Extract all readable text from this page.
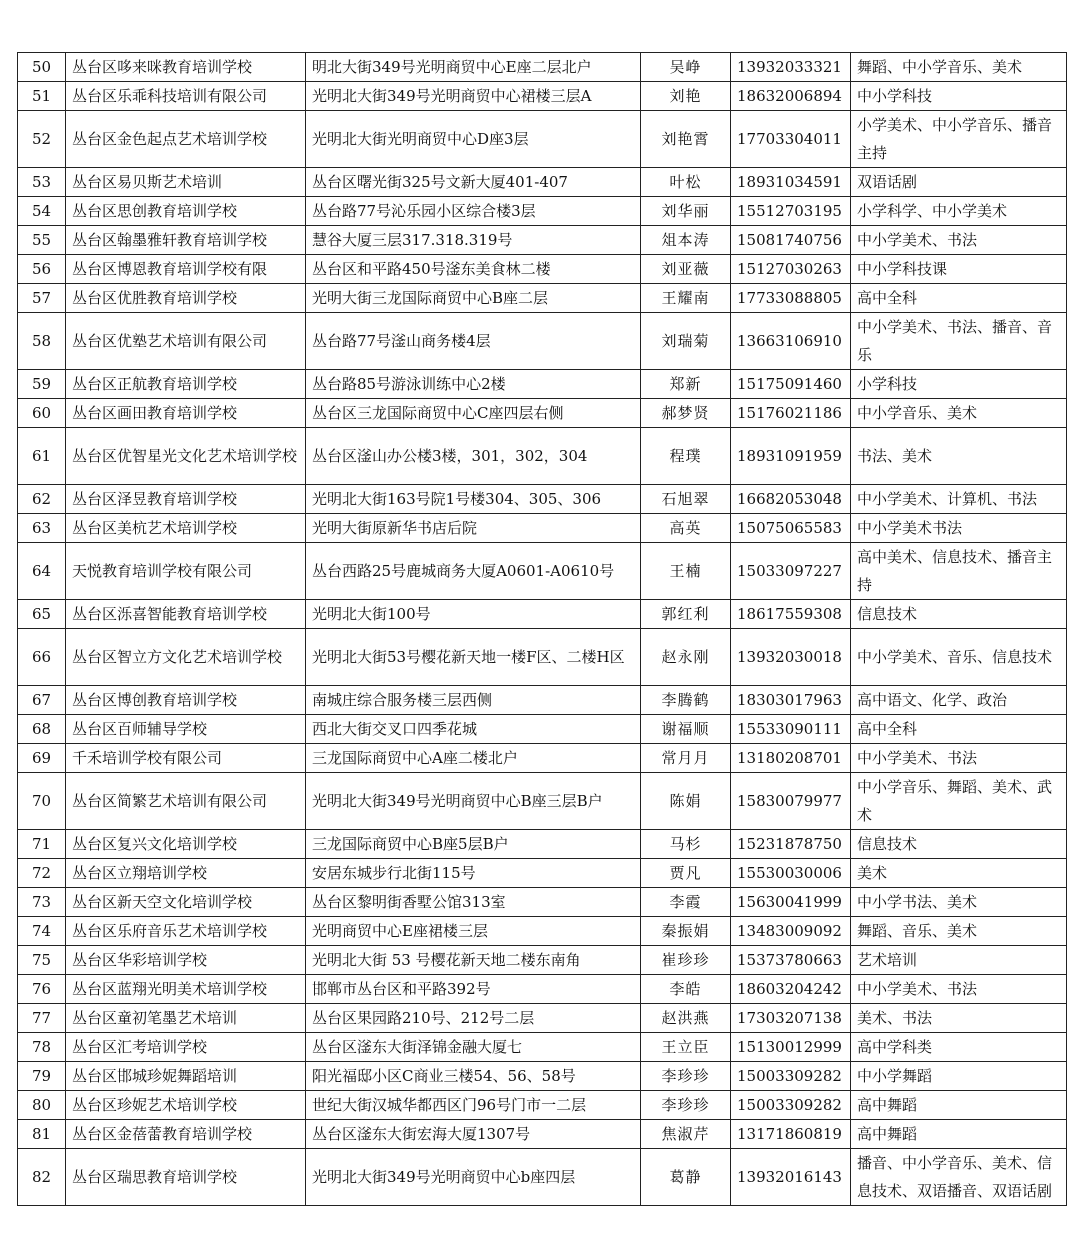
50	丛台区哆来咪教育培训学校	明北大街349号光明商贸中心E座二层北户	吴峥	13932033321	舞蹈、中小学音乐、美术
51	丛台区乐乖科技培训有限公司	光明北大街349号光明商贸中心裙楼三层A	刘艳	18632006894	中小学科技
52	丛台区金色起点艺术培训学校	光明北大街光明商贸中心D座3层	刘艳霄	17703304011	小学美术、中小学音乐、播音主持
53	丛台区易贝斯艺术培训	丛台区曙光街325号文新大厦401-407	叶松	18931034591	双语话剧
54	丛台区思创教育培训学校	丛台路77号沁乐园小区综合楼3层	刘华丽	15512703195	小学科学、中小学美术
55	丛台区翰墨雅轩教育培训学校	慧谷大厦三层317.318.319号	俎本涛	15081740756	中小学美术、书法
56	丛台区博恩教育培训学校有限	丛台区和平路450号滏东美食林二楼	刘亚薇	15127030263	中小学科技课
57	丛台区优胜教育培训学校	光明大街三龙国际商贸中心B座二层	王耀南	17733088805	高中全科
58	丛台区优塾艺术培训有限公司	丛台路77号滏山商务楼4层	刘瑞菊	13663106910	中小学美术、书法、播音、音乐
59	丛台区正航教育培训学校	丛台路85号游泳训练中心2楼	郑新	15175091460	小学科技
60	丛台区画田教育培训学校	丛台区三龙国际商贸中心C座四层右侧	郝梦贤	15176021186	中小学音乐、美术
61	丛台区优智星光文化艺术培训学校	丛台区滏山办公楼3楼，301，302，304	程璞	18931091959	书法、美术
62	丛台区泽昱教育培训学校	光明北大街163号院1号楼304、305、306	石旭翠	16682053048	中小学美术、计算机、书法
63	丛台区美杭艺术培训学校	光明大街原新华书店后院	高英	15075065583	中小学美术书法
64	天悦教育培训学校有限公司	丛台西路25号鹿城商务大厦A0601-A0610号	王楠	15033097227	高中美术、信息技术、播音主持
65	丛台区泺喜智能教育培训学校	光明北大街100号	郭红利	18617559308	信息技术
66	丛台区智立方文化艺术培训学校	光明北大街53号樱花新天地一楼F区、二楼H区	赵永刚	13932030018	中小学美术、音乐、信息技术
67	丛台区博创教育培训学校	南城庄综合服务楼三层西侧	李腾鹤	18303017963	高中语文、化学、政治
68	丛台区百师辅导学校	西北大街交叉口四季花城	谢福顺	15533090111	高中全科
69	千禾培训学校有限公司	三龙国际商贸中心A座二楼北户	常月月	13180208701	中小学美术、书法
70	丛台区简繁艺术培训有限公司	光明北大街349号光明商贸中心B座三层B户	陈娟	15830079977	中小学音乐、舞蹈、美术、武术
71	丛台区复兴文化培训学校	三龙国际商贸中心B座5层B户	马杉	15231878750	信息技术
72	丛台区立翔培训学校	安居东城步行北街115号	贾凡	15530030006	美术
73	丛台区新天空文化培训学校	丛台区黎明街香墅公馆313室	李霞	15630041999	中小学书法、美术
74	丛台区乐府音乐艺术培训学校	光明商贸中心E座裙楼三层	秦振娟	13483009092	舞蹈、音乐、美术
75	丛台区华彩培训学校	光明北大街 53 号樱花新天地二楼东南角	崔珍珍	15373780663	艺术培训
76	丛台区蓝翔光明美术培训学校	邯郸市丛台区和平路392号	李皓	18603204242	中小学美术、书法
77	丛台区童初笔墨艺术培训	丛台区果园路210号、212号二层	赵洪燕	17303207138	美术、书法
78	丛台区汇考培训学校	丛台区滏东大街泽锦金融大厦七	王立臣	15130012999	高中学科类
79	丛台区邯城珍妮舞蹈培训	阳光福邸小区C商业三楼54、56、58号	李珍珍	15003309282	中小学舞蹈
80	丛台区珍妮艺术培训学校	世纪大街汉城华都西区门96号门市一二层	李珍珍	15003309282	高中舞蹈
81	丛台区金蓓蕾教育培训学校	丛台区滏东大街宏海大厦1307号	焦淑芹	13171860819	高中舞蹈
82	丛台区瑞思教育培训学校	光明北大街349号光明商贸中心b座四层	葛静	13932016143	播音、中小学音乐、美术、信息技术、双语播音、双语话剧
